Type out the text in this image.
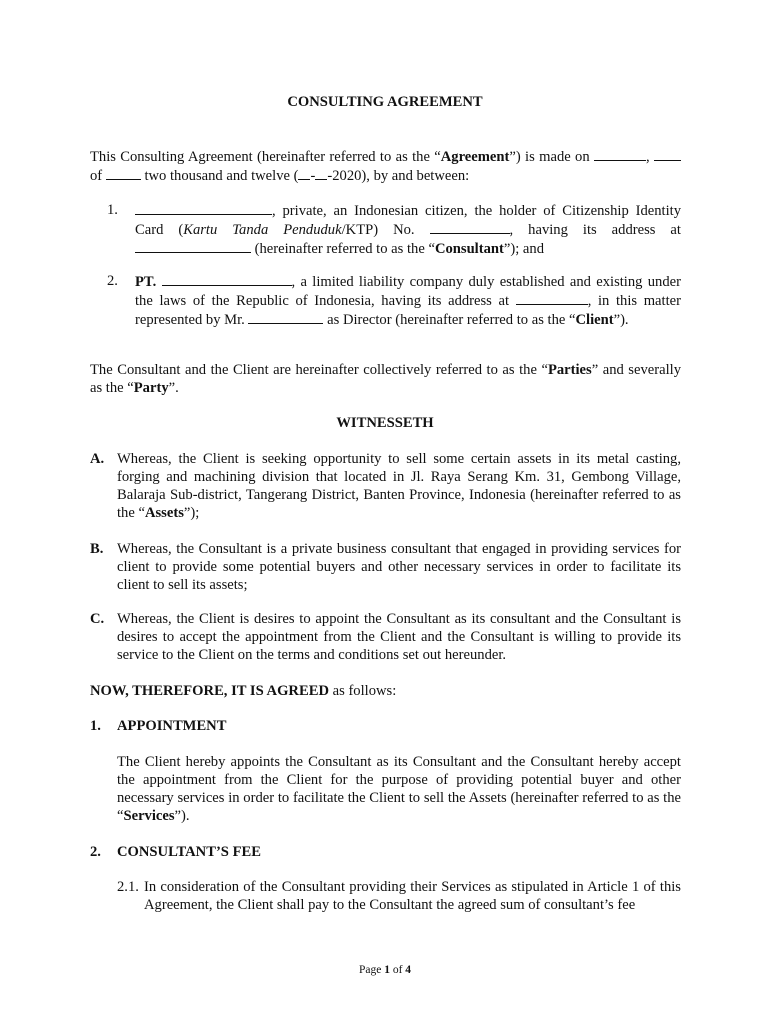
CONSULTING AGREEMENT
This Consulting Agreement (hereinafter referred to as the “Agreement”) is made on	,  of  two thousand and twelve ( - -2020), by and between:
1.	, private, an Indonesian citizen, the holder of Citizenship Identity Card (Kartu Tanda Penduduk/KTP) No.	, having its address at  (hereinafter referred to as the “Consultant”); and
2.	PT.	, a limited liability company duly established and existing under the laws of the Republic of Indonesia, having its address at	, in this matter represented by Mr.	as Director (hereinafter referred to as the “Client”).
The Consultant and the Client are hereinafter collectively referred to as the “Parties” and severally as the “Party”.
WITNESSETH
A. Whereas, the Client is seeking opportunity to sell some certain assets in its metal casting, forging and machining division that located in Jl. Raya Serang Km. 31, Gembong Village, Balaraja Sub-district, Tangerang District, Banten Province, Indonesia (hereinafter referred to as the “Assets”);
B. Whereas, the Consultant is a private business consultant that engaged in providing services for client to provide some potential buyers and other necessary services in order to facilitate its client to sell its assets;
C. Whereas, the Client is desires to appoint the Consultant as its consultant and the Consultant is desires to accept the appointment from the Client and the Consultant is willing to provide its service to the Client on the terms and conditions set out hereunder.
NOW, THEREFORE, IT IS AGREED as follows:
1. APPOINTMENT
The Client hereby appoints the Consultant as its Consultant and the Consultant hereby accept the appointment from the Client for the purpose of providing potential buyer and other necessary services in order to facilitate the Client to sell the Assets (hereinafter referred to as the “Services”).
2. CONSULTANT’S FEE
2.1. In consideration of the Consultant providing their Services as stipulated in Article 1 of this Agreement, the Client shall pay to the Consultant the agreed sum of consultant’s fee
Page 1 of 4
